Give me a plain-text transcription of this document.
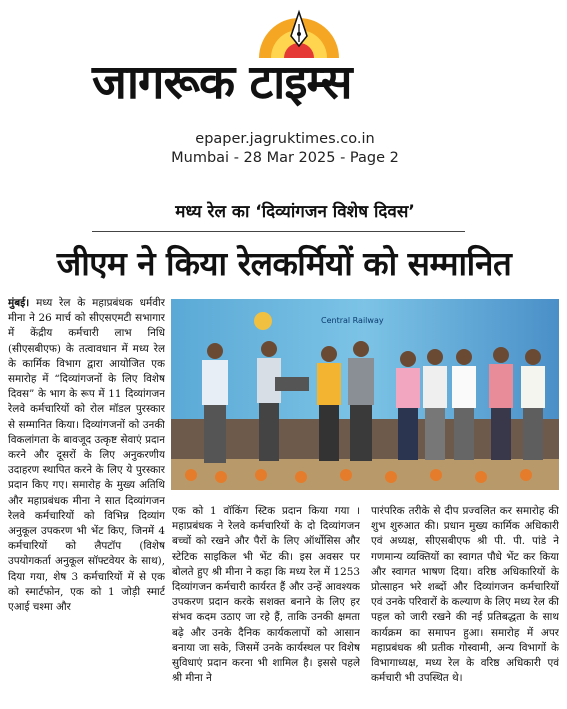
जागरूक टाइम्स
epaper.jagruktimes.co.in
Mumbai - 28 Mar 2025 - Page 2
मध्य रेल का ‘दिव्यांगजन विशेष दिवस’
जीएम ने किया रेलकर्मियों को सम्मानित
मुंबई। मध्य रेल के महाप्रबंधक धर्मवीर मीना ने 26 मार्च को सीएसएमटी सभागार में केंद्रीय कर्मचारी लाभ निधि (सीएसबीएफ) के तत्वावधान में मध्य रेल के कार्मिक विभाग द्वारा आयोजित एक समारोह में “दिव्यांगजनों के लिए विशेष दिवस” के भाग के रूप में 11 दिव्यांगजन रेलवे कर्मचारियों को रोल मॉडल पुरस्कार से सम्मानित किया। दिव्यांगजनों को उनकी विकलांगता के बावजूद उत्कृष्ट सेवाएं प्रदान करने और दूसरों के लिए अनुकरणीय उदाहरण स्थापित करने के लिए ये पुरस्कार प्रदान किए गए। समारोह के मुख्य अतिथि और महाप्रबंधक मीना ने सात दिव्यांगजन रेलवे कर्मचारियों को विभिन्न दिव्यांग अनुकूल उपकरण भी भेंट किए, जिनमें 4 कर्मचारियों को लैपटॉप (विशेष उपयोगकर्ता अनुकूल सॉफ्टवेयर के साथ), दिया गया, शेष 3 कर्मचारियों में से एक को स्मार्टफोन, एक को 1 जोड़ी स्मार्ट एआई चश्मा और
Central Railway
एक को 1 वॉकिंग स्टिक प्रदान किया गया । महाप्रबंधक ने रेलवे कर्मचारियों के दो दिव्यांगजन बच्चों को रखने और पैरों के लिए ऑर्थोसिस और स्टेटिक साइकिल भी भेंट की। इस अवसर पर बोलते हुए श्री मीना ने कहा कि मध्य रेल में 1253 दिव्यांगजन कर्मचारी कार्यरत हैं और उन्हें आवश्यक उपकरण प्रदान करके सशक्त बनाने के लिए हर संभव कदम उठाए जा रहे हैं, ताकि उनकी क्षमता बढ़े और उनके दैनिक कार्यकलापों को आसान बनाया जा सके, जिसमें उनके कार्यस्थल पर विशेष सुविधाएं प्रदान करना भी शामिल है। इससे पहले श्री मीना ने
पारंपरिक तरीके से दीप प्रज्वलित कर समारोह की शुभ शुरुआत की। प्रधान मुख्य कार्मिक अधिकारी एवं अध्यक्ष, सीएसबीएफ श्री पी. पी. पांडे ने गणमान्य व्यक्तियों का स्वागत पौधे भेंट कर किया और स्वागत भाषण दिया। वरिष्ठ अधिकारियों के प्रोत्साहन भरे शब्दों और दिव्यांगजन कर्मचारियों एवं उनके परिवारों के कल्याण के लिए मध्य रेल की पहल को जारी रखने की नई प्रतिबद्धता के साथ कार्यक्रम का समापन हुआ। समारोह में अपर महाप्रबंधक श्री प्रतीक गोस्वामी, अन्य विभागों के विभागाध्यक्ष, मध्य रेल के वरिष्ठ अधिकारी एवं कर्मचारी भी उपस्थित थे।
